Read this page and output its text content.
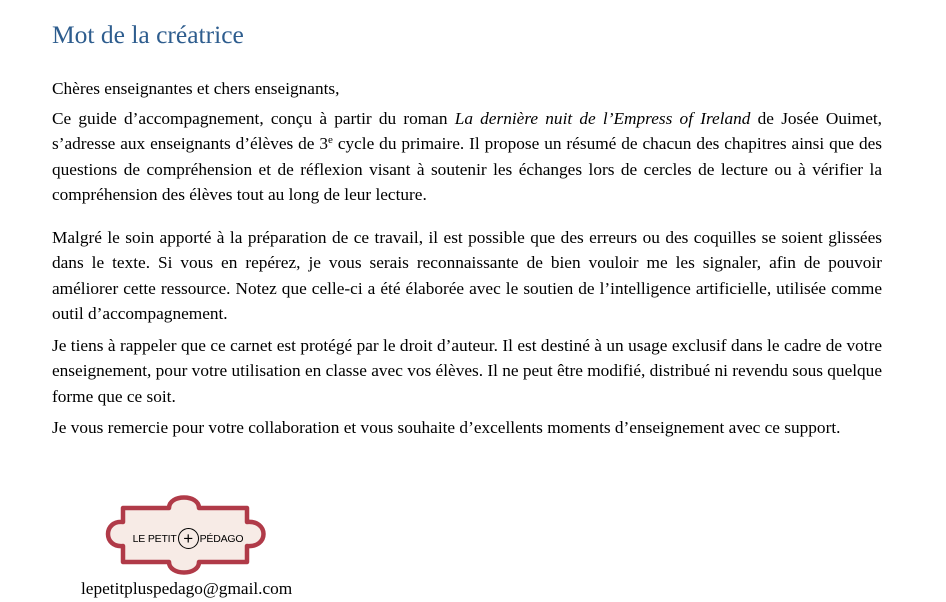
Mot de la créatrice

Chères enseignantes et chers enseignants,

Ce guide d’accompagnement, conçu à partir du roman La dernière nuit de l’Empress of Ireland de Josée Ouimet, s’adresse aux enseignants d’élèves de 3e cycle du primaire. Il propose un résumé de chacun des chapitres ainsi que des questions de compréhension et de réflexion visant à soutenir les échanges lors de cercles de lecture ou à vérifier la compréhension des élèves tout au long de leur lecture.

Malgré le soin apporté à la préparation de ce travail, il est possible que des erreurs ou des coquilles se soient glissées dans le texte. Si vous en repérez, je vous serais reconnaissante de bien vouloir me les signaler, afin de pouvoir améliorer cette ressource. Notez que celle-ci a été élaborée avec le soutien de l’intelligence artificielle, utilisée comme outil d’accompagnement.

Je tiens à rappeler que ce carnet est protégé par le droit d’auteur. Il est destiné à un usage exclusif dans le cadre de votre enseignement, pour votre utilisation en classe avec vos élèves. Il ne peut être modifié, distribué ni revendu sous quelque forme que ce soit.

Je vous remercie pour votre collaboration et vous souhaite d’excellents moments d’enseignement avec ce support.

LE PETIT + PÉDAGO
lepetitpluspedago@gmail.com
